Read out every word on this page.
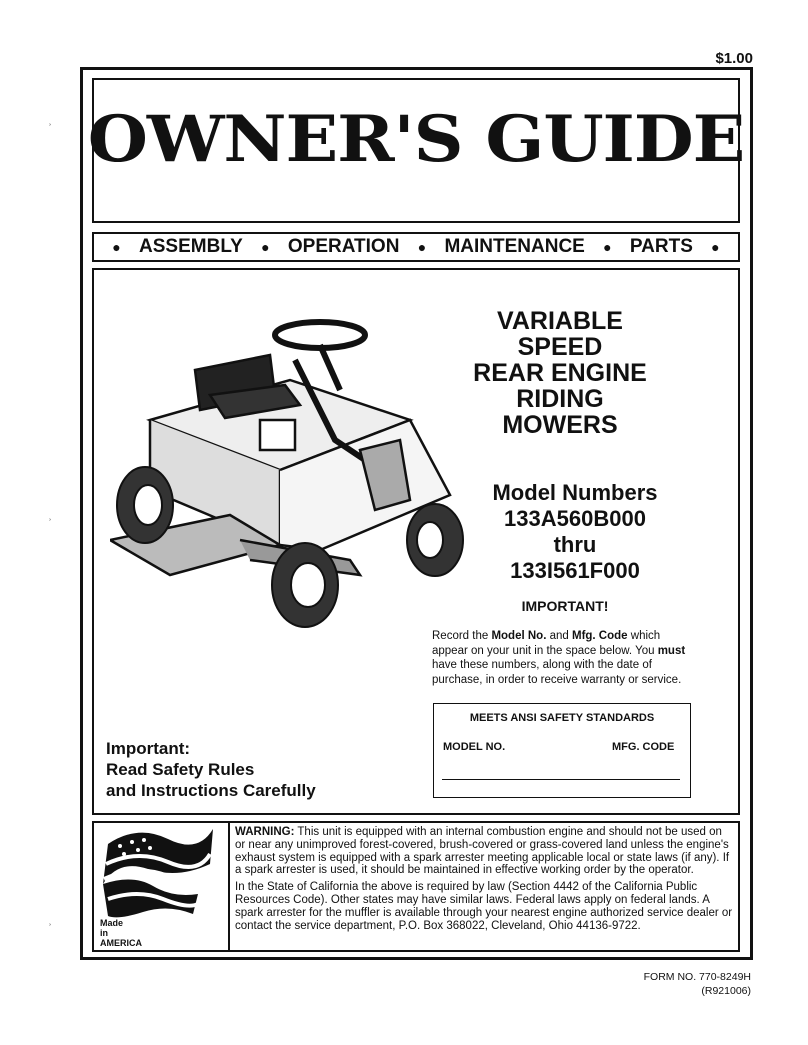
$1.00
OWNER'S GUIDE
● ASSEMBLY ● OPERATION ● MAINTENANCE ● PARTS ●
VARIABLE
SPEED
REAR ENGINE
RIDING
MOWERS
Model Numbers
133A560B000
thru
133I561F000
IMPORTANT!
Record the Model No. and Mfg. Code which appear on your unit in the space below. You must have these numbers, along with the date of purchase, in order to receive warranty or service.
MEETS ANSI SAFETY STANDARDS
MODEL NO.	MFG. CODE
Important:
Read Safety Rules
and Instructions Carefully
Made
in
AMERICA

WARNING: This unit is equipped with an internal combustion engine and should not be used on or near any unimproved forest-covered, brush-covered or grass-covered land unless the engine's exhaust system is equipped with a spark arrester meeting applicable local or state laws (if any). If a spark arrester is used, it should be maintained in effective working order by the operator.

In the State of California the above is required by law (Section 4442 of the California Public Resources Code). Other states may have similar laws. Federal laws apply on federal lands. A spark arrester for the muffler is available through your nearest engine authorized service dealer or contact the service department, P.O. Box 368022, Cleveland, Ohio 44136-9722.

FORM NO. 770-8249H
(R921006)
˒
˒
˒
